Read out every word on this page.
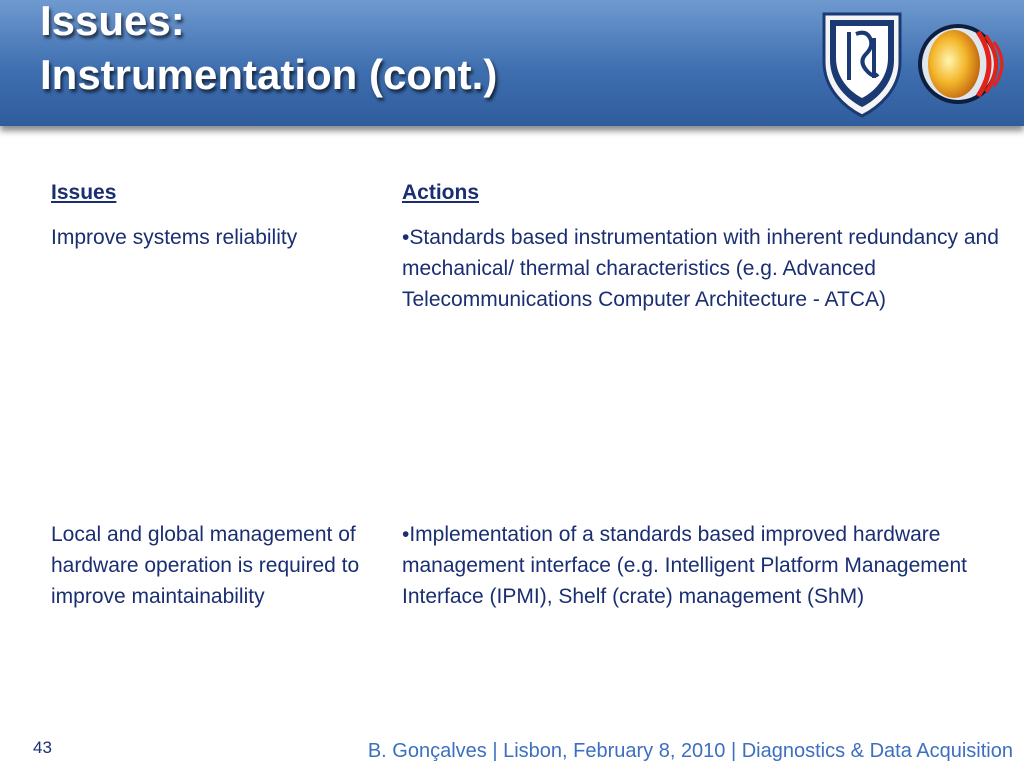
Issues:
Instrumentation (cont.)
Issues	Actions
Improve systems reliability	•Standards based instrumentation with inherent redundancy and mechanical/ thermal characteristics (e.g. Advanced Telecommunications Computer Architecture - ATCA)
Local and global management of hardware operation is required to improve maintainability	•Implementation of a standards based improved hardware management interface (e.g. Intelligent Platform Management Interface (IPMI), Shelf (crate) management (ShM)
43	B. Gonçalves | Lisbon, February 8, 2010 | Diagnostics & Data Acquisition
